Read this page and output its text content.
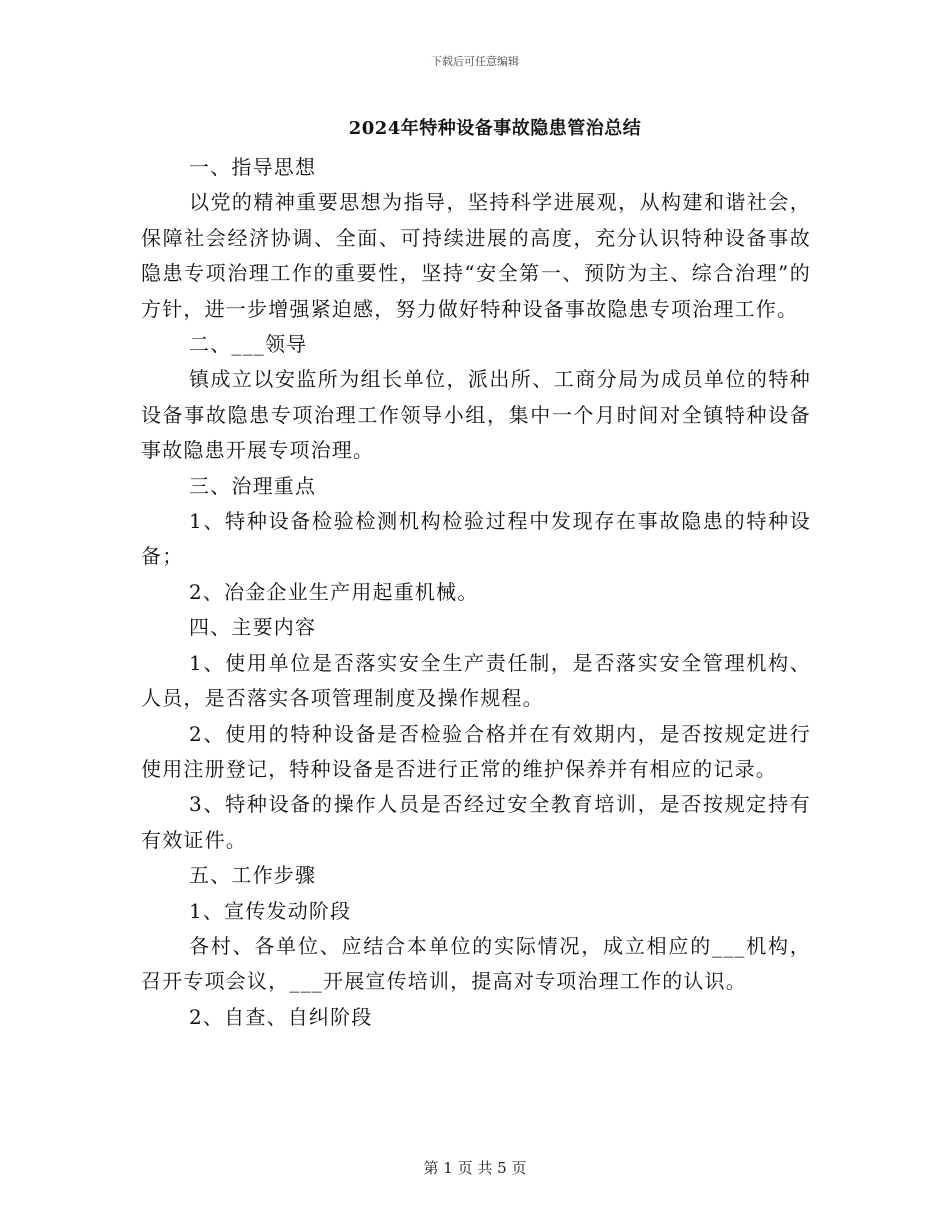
下载后可任意编辑
2024年特种设备事故隐患管治总结

一、指导思想

以党的精神重要思想为指导，坚持科学进展观，从构建和谐社会，保障社会经济协调、全面、可持续进展的高度，充分认识特种设备事故隐患专项治理工作的重要性，坚持“安全第一、预防为主、综合治理”的方针，进一步增强紧迫感，努力做好特种设备事故隐患专项治理工作。

二、___领导

镇成立以安监所为组长单位，派出所、工商分局为成员单位的特种设备事故隐患专项治理工作领导小组，集中一个月时间对全镇特种设备事故隐患开展专项治理。

三、治理重点

1、特种设备检验检测机构检验过程中发现存在事故隐患的特种设备；

2、冶金企业生产用起重机械。

四、主要内容

1、使用单位是否落实安全生产责任制，是否落实安全管理机构、人员，是否落实各项管理制度及操作规程。

2、使用的特种设备是否检验合格并在有效期内，是否按规定进行使用注册登记，特种设备是否进行正常的维护保养并有相应的记录。

3、特种设备的操作人员是否经过安全教育培训，是否按规定持有有效证件。

五、工作步骤

1、宣传发动阶段

各村、各单位、应结合本单位的实际情况，成立相应的___机构，召开专项会议，___开展宣传培训，提高对专项治理工作的认识。

2、自查、自纠阶段

第 1 页 共 5 页
